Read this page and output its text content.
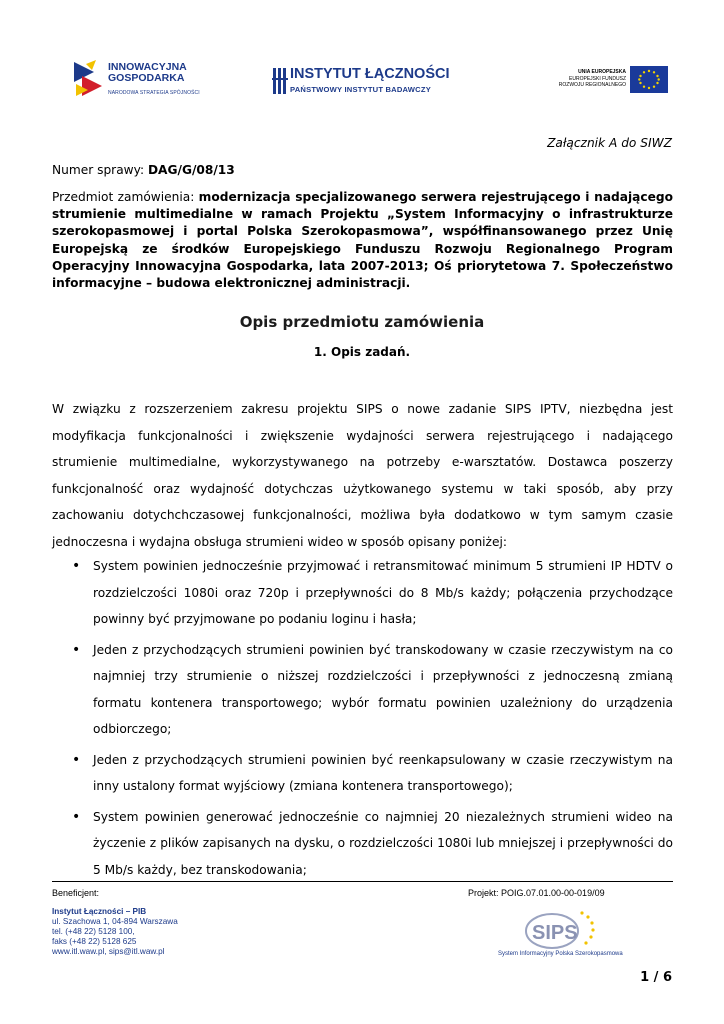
INNOWACYJNA
GOSPODARKA
NARODOWA STRATEGIA SPÓJNOŚCI
INSTYTUT ŁĄCZNOŚCI
PAŃSTWOWY INSTYTUT BADAWCZY
UNIA EUROPEJSKA
EUROPEJSKI FUNDUSZ
ROZWOJU REGIONALNEGO
Załącznik A do SIWZ
Numer sprawy: DAG/G/08/13
Przedmiot zamówienia: modernizacja specjalizowanego serwera rejestrującego i nadającego strumienie multimedialne w ramach Projektu „System Informacyjny o infrastrukturze szerokopasmowej i portal Polska Szerokopasmowa”, współfinansowanego przez Unię Europejską ze środków Europejskiego Funduszu Rozwoju Regionalnego Program Operacyjny Innowacyjna Gospodarka, lata 2007-2013; Oś priorytetowa 7. Społeczeństwo informacyjne – budowa elektronicznej administracji.
Opis przedmiotu zamówienia
1. Opis zadań.
W związku z rozszerzeniem zakresu projektu SIPS o nowe zadanie SIPS IPTV, niezbędna jest modyfikacja funkcjonalności i zwiększenie wydajności serwera rejestrującego i nadającego strumienie multimedialne, wykorzystywanego na potrzeby e-warsztatów. Dostawca poszerzy funkcjonalność oraz wydajność dotychczas użytkowanego systemu w taki sposób, aby przy zachowaniu dotychchczasowej funkcjonalności, możliwa była dodatkowo w tym samym czasie jednoczesna i wydajna obsługa strumieni wideo w sposób opisany poniżej:
• System powinien jednocześnie przyjmować i retransmitować minimum 5 strumieni IP HDTV o rozdzielczości 1080i oraz 720p i przepływności do 8 Mb/s każdy; połączenia przychodzące powinny być przyjmowane po podaniu loginu i hasła;
• Jeden z przychodzących strumieni powinien być transkodowany w czasie rzeczywistym na co najmniej trzy strumienie o niższej rozdzielczości i przepływności z jednoczesną zmianą formatu kontenera transportowego; wybór formatu powinien uzależniony do urządzenia odbiorczego;
• Jeden z przychodzących strumieni powinien być reenkapsulowany w czasie rzeczywistym na inny ustalony format wyjściowy (zmiana kontenera transportowego);
• System powinien generować jednocześnie co najmniej 20 niezależnych strumieni wideo na życzenie z plików zapisanych na dysku, o rozdzielczości 1080i lub mniejszej i przepływności do 5 Mb/s każdy, bez transkodowania;
Beneficjent:	Projekt: POIG.07.01.00-00-019/09
Instytut Łączności – PIB
ul. Szachowa 1, 04-894 Warszawa
tel. (+48 22) 5128 100,
faks (+48 22) 5128 625
www.itl.waw.pl, sips@itl.waw.pl
SIPS
System Informacyjny Polska Szerokopasmowa
1 / 6
